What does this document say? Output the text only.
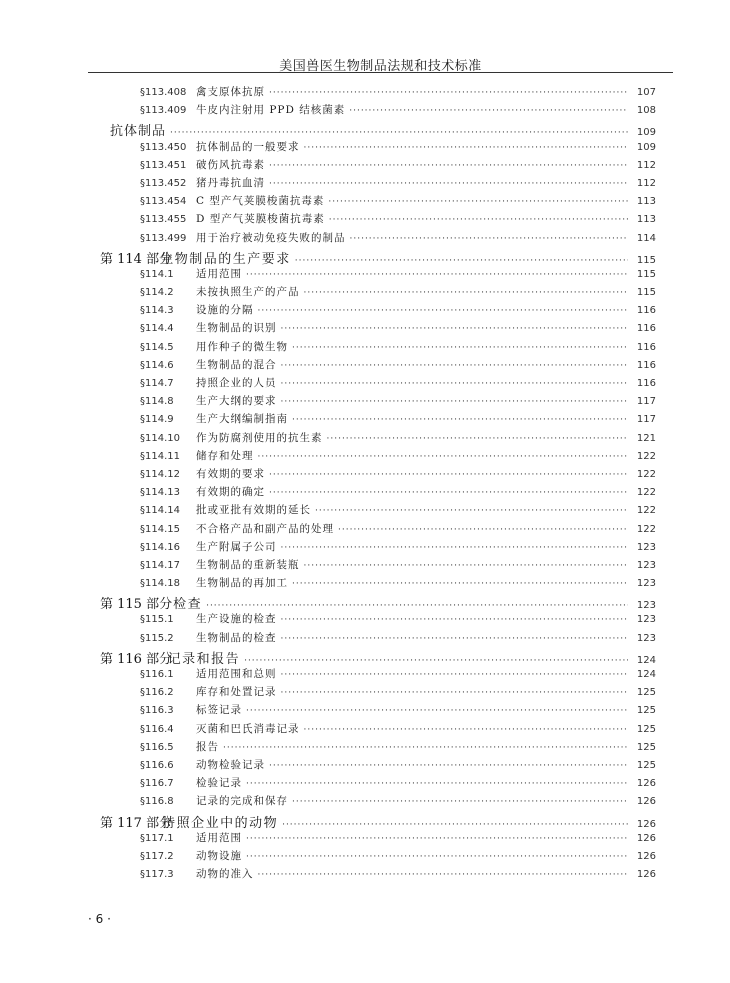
美国兽医生物制品法规和技术标准
§113.408 禽支原体抗原 ·····	107
§113.409 牛皮内注射用 PPD 结核菌素 ·····	108
抗体制品 ·····	109
§113.450 抗体制品的一般要求 ·····	109
§113.451 破伤风抗毒素 ·····	112
§113.452 猪丹毒抗血清 ·····	112
§113.454 C 型产气荚膜梭菌抗毒素 ·····	113
§113.455 D 型产气荚膜梭菌抗毒素 ·····	113
§113.499 用于治疗被动免疫失败的制品 ·····	114
第 114 部分
生物制品的生产要求 ·····	115
§114.1	适用范围 ·····	115
§114.2	未按执照生产的产品 ·····	115
§114.3	设施的分隔 ·····	116
§114.4	生物制品的识别 ·····	116
§114.5	用作种子的微生物 ·····	116
§114.6	生物制品的混合 ·····	116
§114.7	持照企业的人员 ·····	116
§114.8	生产大纲的要求 ·····	117
§114.9	生产大纲编制指南 ·····	117
§114.10	作为防腐剂使用的抗生素 ·····	121
§114.11	储存和处理 ·····	122
§114.12	有效期的要求 ·····	122
§114.13	有效期的确定 ·····	122
§114.14	批或亚批有效期的延长 ·····	122
§114.15	不合格产品和副产品的处理 ·····	122
§114.16	生产附属子公司 ·····	123
§114.17	生物制品的重新装瓶 ·····	123
§114.18	生物制品的再加工 ·····	123
第 115 部分 检查 ·····	123
§115.1	生产设施的检查 ·····	123
§115.2	生物制品的检查 ·····	123
第 116 部分
记录和报告 ·····	124
§116.1	适用范围和总则 ·····	124
§116.2	库存和处置记录 ·····	125
§116.3	标签记录 ·····	125
§116.4	灭菌和巴氏消毒记录 ·····	125
§116.5	报告 ·····	125
§116.6	动物检验记录 ·····	125
§116.7	检验记录 ·····	126
§116.8	记录的完成和保存 ·····	126
第 117 部分
持照企业中的动物 ·····	126
§117.1	适用范围 ·····	126
§117.2	动物设施 ·····	126
§117.3	动物的准入 ·····	126
· 6 ·
